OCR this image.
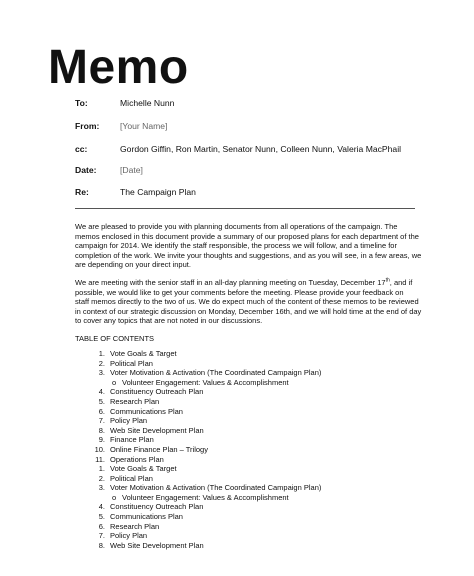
Memo
To:	Michelle Nunn
From: [Your Name]
cc:	Gordon Giffin, Ron Martin, Senator Nunn, Colleen Nunn, Valeria MacPhail
Date:	[Date]
Re:	The Campaign Plan
We are pleased to provide you with planning documents from all operations of the campaign. The
memos enclosed in this document provide a summary of our proposed plans for each department of the
campaign for 2014. We identify the staff responsible, the process we will follow, and a timeline for
completion of the work. We invite your thoughts and suggestions, and as you will see, in a few areas, we
are depending on your direct input.
We are meeting with the senior staff in an all-day planning meeting on Tuesday, December 17th, and if
possible, we would like to get your comments before the meeting. Please provide your feedback on
staff memos directly to the two of us. We do expect much of the content of these memos to be reviewed
in context of our strategic discussion on Monday, December 16th, and we will hold time at the end of day
to cover any topics that are not noted in our discussions.
TABLE OF CONTENTS
1. Vote Goals & Target
2. Political Plan
3. Voter Motivation & Activation (The Coordinated Campaign Plan)
o Volunteer Engagement: Values & Accomplishment
4. Constituency Outreach Plan
5. Research Plan
6. Communications Plan
7. Policy Plan
8. Web Site Development Plan
9. Finance Plan
10. Online Finance Plan – Trilogy
11. Operations Plan
1. Vote Goals & Target
2. Political Plan
3. Voter Motivation & Activation (The Coordinated Campaign Plan)
o Volunteer Engagement: Values & Accomplishment
4. Constituency Outreach Plan
5. Communications Plan
6. Research Plan
7. Policy Plan
8. Web Site Development Plan
